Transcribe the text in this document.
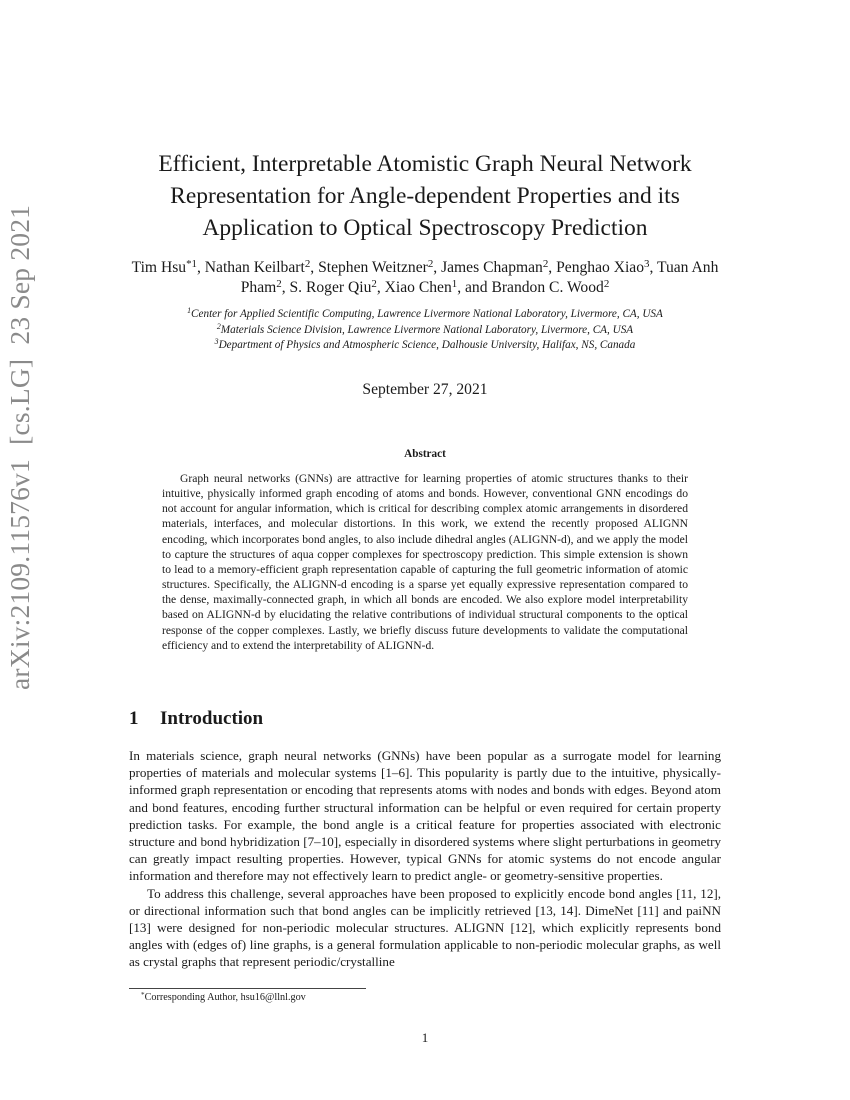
arXiv:2109.11576v1  [cs.LG]  23 Sep 2021
Efficient, Interpretable Atomistic Graph Neural Network
Representation for Angle-dependent Properties and its
Application to Optical Spectroscopy Prediction
Tim Hsu$^{*1}$, Nathan Keilbart$^2$, Stephen Weitzner$^2$, James Chapman$^2$, Penghao Xiao$^3$, Tuan Anh Pham$^2$, S. Roger Qiu$^2$, Xiao Chen$^1$, and Brandon C. Wood$^2$
$^1$Center for Applied Scientific Computing, Lawrence Livermore National Laboratory, Livermore, CA, USA
$^2$Materials Science Division, Lawrence Livermore National Laboratory, Livermore, CA, USA
$^3$Department of Physics and Atmospheric Science, Dalhousie University, Halifax, NS, Canada
September 27, 2021
Abstract

Graph neural networks (GNNs) are attractive for learning properties of atomic structures thanks to their intuitive, physically informed graph encoding of atoms and bonds. However, conventional GNN encodings do not account for angular information, which is critical for describing complex atomic arrangements in disordered materials, interfaces, and molecular distortions. In this work, we extend the recently proposed ALIGNN encoding, which incorporates bond angles, to also include dihedral angles (ALIGNN-d), and we apply the model to capture the structures of aqua copper complexes for spectroscopy prediction. This simple extension is shown to lead to a memory-efficient graph representation capable of capturing the full geometric information of atomic structures. Specifically, the ALIGNN-d encoding is a sparse yet equally expressive representation compared to the dense, maximally-connected graph, in which all bonds are encoded. We also explore model interpretability based on ALIGNN-d by elucidating the relative contributions of individual structural components to the optical response of the copper complexes. Lastly, we briefly discuss future developments to validate the computational efficiency and to extend the interpretability of ALIGNN-d.

1 Introduction

In materials science, graph neural networks (GNNs) have been popular as a surrogate model for learning properties of materials and molecular systems [1–6]. This popularity is partly due to the intuitive, physically-informed graph representation or encoding that represents atoms with nodes and bonds with edges. Beyond atom and bond features, encoding further structural information can be helpful or even required for certain property prediction tasks. For example, the bond angle is a critical feature for properties associated with electronic structure and bond hybridization [7–10], especially in disordered systems where slight perturbations in geometry can greatly impact resulting properties. However, typical GNNs for atomic systems do not encode angular information and therefore may not effectively learn to predict angle- or geometry-sensitive properties.

To address this challenge, several approaches have been proposed to explicitly encode bond angles [11, 12], or directional information such that bond angles can be implicitly retrieved [13, 14]. DimeNet [11] and paiNN [13] were designed for non-periodic molecular structures. ALIGNN [12], which explicitly represents bond angles with (edges of) line graphs, is a general formulation applicable to non-periodic molecular graphs, as well as crystal graphs that represent periodic/crystalline

*Corresponding Author, hsu16@llnl.gov
1
